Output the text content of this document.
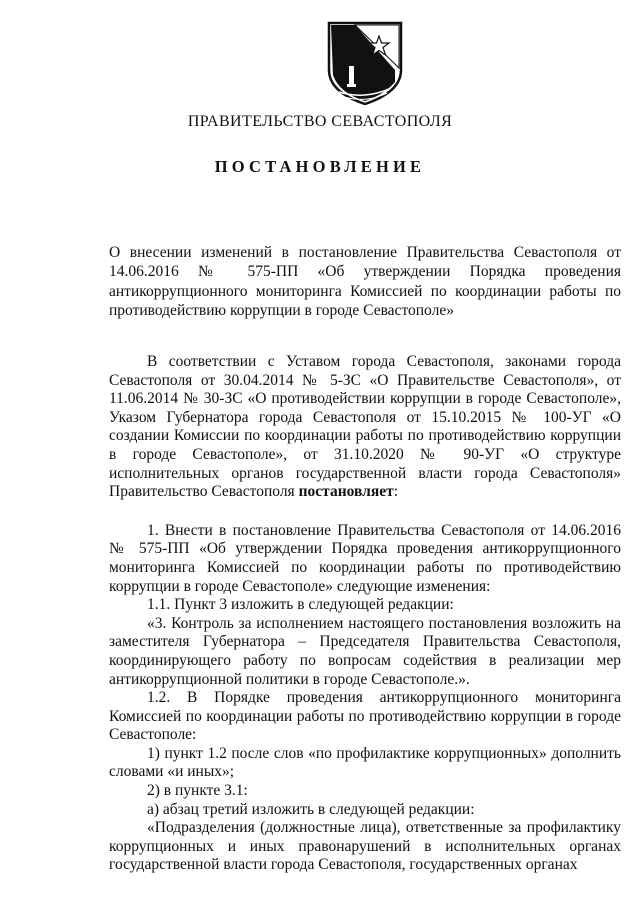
ПРАВИТЕЛЬСТВО СЕВАСТОПОЛЯ
ПОСТАНОВЛЕНИЕ
О внесении изменений в постановление Правительства Севастополя от 14.06.2016 № 575-ПП «Об утверждении Порядка проведения антикоррупционного мониторинга Комиссией по координации работы по противодействию коррупции в городе Севастополе»

В соответствии с Уставом города Севастополя, законами города Севастополя от 30.04.2014 № 5-ЗС «О Правительстве Севастополя», от 11.06.2014 № 30-ЗС «О противодействии коррупции в городе Севастополе», Указом Губернатора города Севастополя от 15.10.2015 № 100-УГ «О создании Комиссии по координации работы по противодействию коррупции в городе Севастополе», от 31.10.2020 № 90-УГ «О структуре исполнительных органов государственной власти города Севастополя» Правительство Севастополя постановляет:

1. Внести в постановление Правительства Севастополя от 14.06.2016 № 575-ПП «Об утверждении Порядка проведения антикоррупционного мониторинга Комиссией по координации работы по противодействию коррупции в городе Севастополе» следующие изменения:

1.1. Пункт 3 изложить в следующей редакции:

«3. Контроль за исполнением настоящего постановления возложить на заместителя Губернатора – Председателя Правительства Севастополя, координирующего работу по вопросам содействия в реализации мер антикоррупционной политики в городе Севастополе.».

1.2. В Порядке проведения антикоррупционного мониторинга Комиссией по координации работы по противодействию коррупции в городе Севастополе:

1) пункт 1.2 после слов «по профилактике коррупционных» дополнить словами «и иных»;

2) в пункте 3.1:

а) абзац третий изложить в следующей редакции:

«Подразделения (должностные лица), ответственные за профилактику коррупционных и иных правонарушений в исполнительных органах государственной власти города Севастополя, государственных органах
